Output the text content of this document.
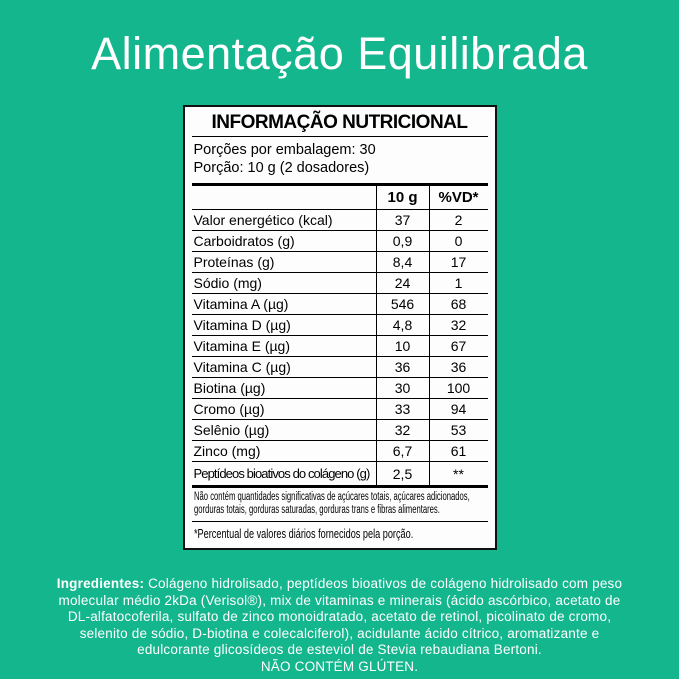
Alimentação Equilibrada
INFORMAÇÃO NUTRICIONAL
Porções por embalagem: 30
Porção: 10 g (2 dosadores)
	10 g	%VD*
Valor energético (kcal)	37	2
Carboidratos (g)	0,9	0
Proteínas (g)	8,4	17
Sódio (mg)	24	1
Vitamina A (µg)	546	68
Vitamina D (µg)	4,8	32
Vitamina E (µg)	10	67
Vitamina C (µg)	36	36
Biotina (µg)	30	100
Cromo (µg)	33	94
Selênio (µg)	32	53
Zinco (mg)	6,7	61
Peptídeos bioativos do colágeno (g)	2,5	**
Não contém quantidades significativas de açúcares totais, açúcares adicionados, gorduras totais, gorduras saturadas, gorduras trans e fibras alimentares.
*Percentual de valores diários fornecidos pela porção.

Ingredientes: Colágeno hidrolisado, peptídeos bioativos de colágeno hidrolisado com peso molecular médio 2kDa (Verisol®), mix de vitaminas e minerais (ácido ascórbico, acetato de DL-alfatocoferila, sulfato de zinco monoidratado, acetato de retinol, picolinato de cromo, selenito de sódio, D-biotina e colecalciferol), acidulante ácido cítrico, aromatizante e edulcorante glicosídeos de esteviol de Stevia rebaudiana Bertoni.

NÃO CONTÉM GLÚTEN.
